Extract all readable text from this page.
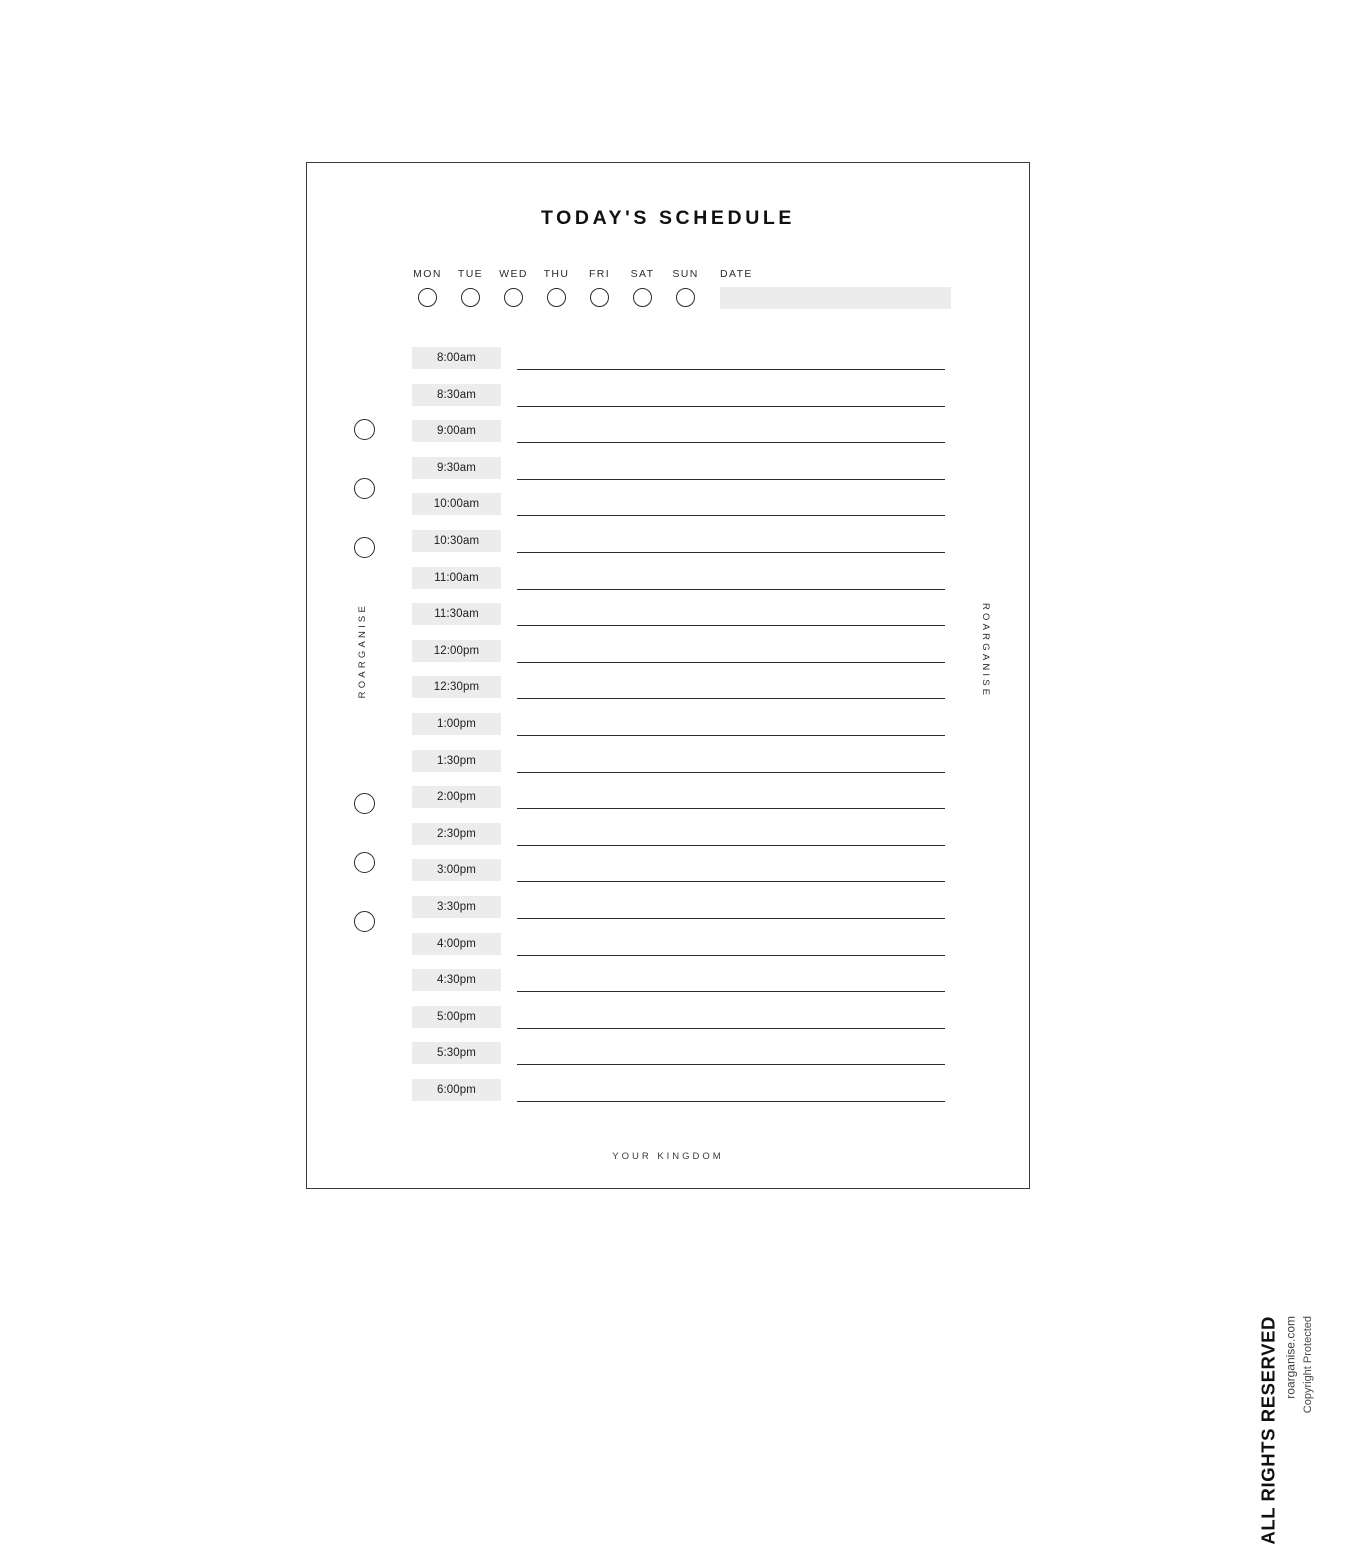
TODAY'S SCHEDULE
MON TUE WED THU FRI SAT SUN DATE
8:00am
8:30am
9:00am
9:30am
10:00am
10:30am
11:00am
11:30am
12:00pm
12:30pm
1:00pm
1:30pm
2:00pm
2:30pm
3:00pm
3:30pm
4:00pm
4:30pm
5:00pm
5:30pm
6:00pm
ROARGANISE	ROARGANISE
YOUR KINGDOM
ALL RIGHTS RESERVED roarganise.com Copyright Protected
